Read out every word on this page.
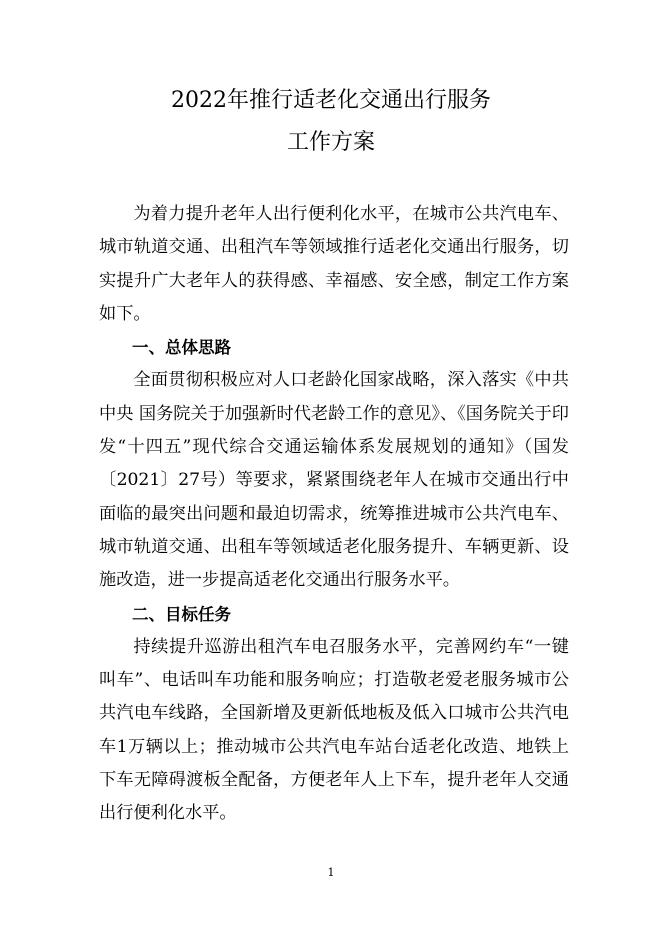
2022年推行适老化交通出行服务
工作方案

为着力提升老年人出行便利化水平，在城市公共汽电车、城市轨道交通、出租汽车等领域推行适老化交通出行服务，切实提升广大老年人的获得感、幸福感、安全感，制定工作方案如下。

一、总体思路

全面贯彻积极应对人口老龄化国家战略，深入落实《中共中央 国务院关于加强新时代老龄工作的意见》、《国务院关于印发“十四五”现代综合交通运输体系发展规划的通知》（国发〔2021〕27号）等要求，紧紧围绕老年人在城市交通出行中面临的最突出问题和最迫切需求，统筹推进城市公共汽电车、城市轨道交通、出租车等领域适老化服务提升、车辆更新、设施改造，进一步提高适老化交通出行服务水平。

二、目标任务

持续提升巡游出租汽车电召服务水平，完善网约车“一键叫车”、电话叫车功能和服务响应；打造敬老爱老服务城市公共汽电车线路，全国新增及更新低地板及低入口城市公共汽电车1万辆以上；推动城市公共汽电车站台适老化改造、地铁上下车无障碍渡板全配备，方便老年人上下车，提升老年人交通出行便利化水平。

1
